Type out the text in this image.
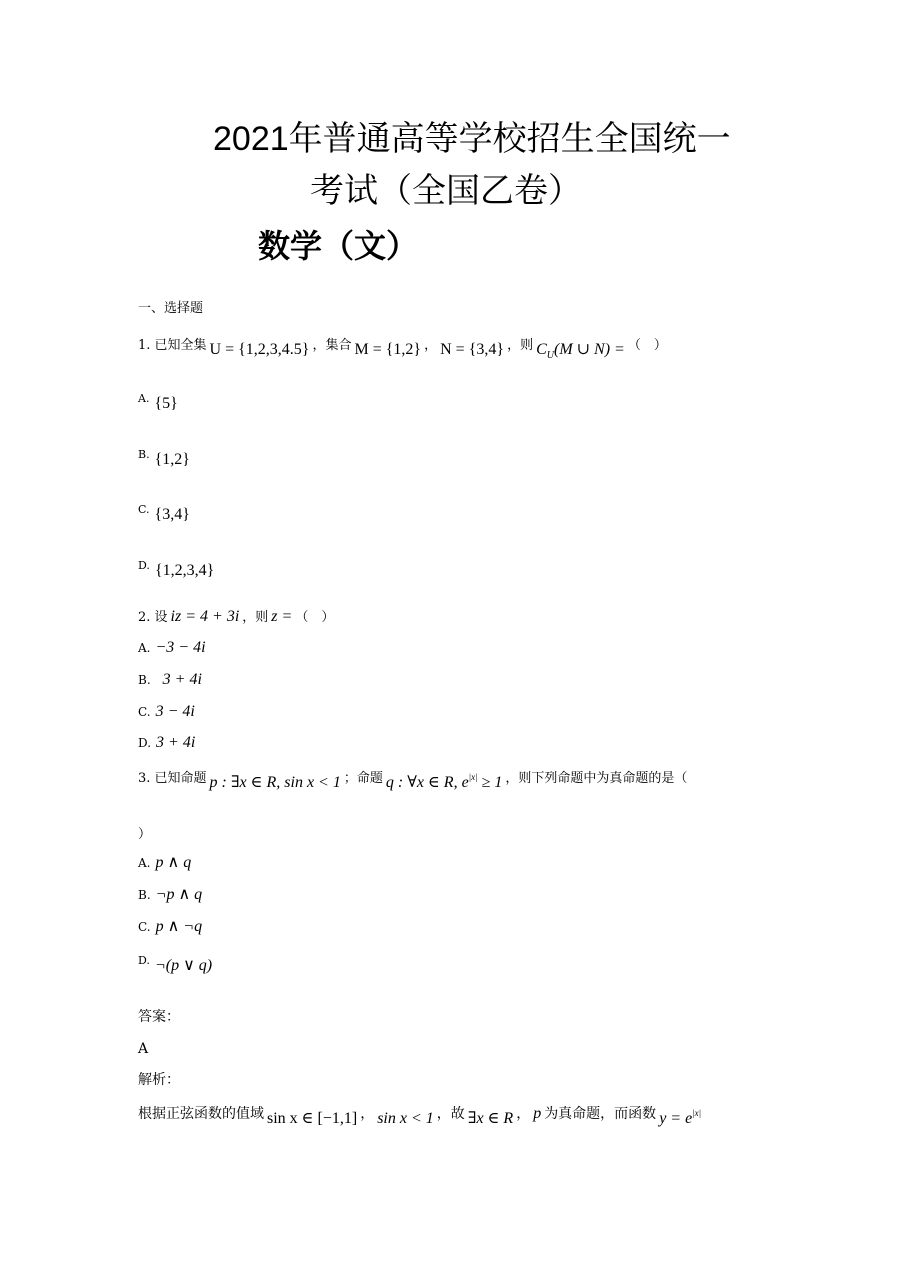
2021年普通高等学校招生全国统一
考试（全国乙卷）
数学（文）
一、选择题
1. 已知全集 U = {1,2,3,4.5} ，集合 M = {1,2} ， N = {3,4} ，则 $C_U(M$ ∪ N) = （　）
$^{A.}$ {5}
$^{B.}$ {1,2}
$^{C.}$ {3,4}
$^{D.}$ {1,2,3,4}
2. 设 iz = 4 + 3i ，则 z = （　）
A. −3 − 4i
B. 3 + 4i
C. 3 − 4i
D. 3 + 4i
3. 已知命题 p : ∃x ∈ R, sin x < 1 ；命题 q : ∀x ∈ R, $e^{|x|} \ge 1$ ，则下列命题中为真命题的是（
）
A. p ∧ q
B. ¬p ∧ q
C. p ∧ ¬q
$^{D.}$ ¬(p ∨ q)
答案：
A
解析：
根据正弦函数的值域 sin x ∈ [−1,1] ， sin x < 1 ，故 ∃x ∈ R ， p 为真命题，而函数 $y = e^{|x|}$
